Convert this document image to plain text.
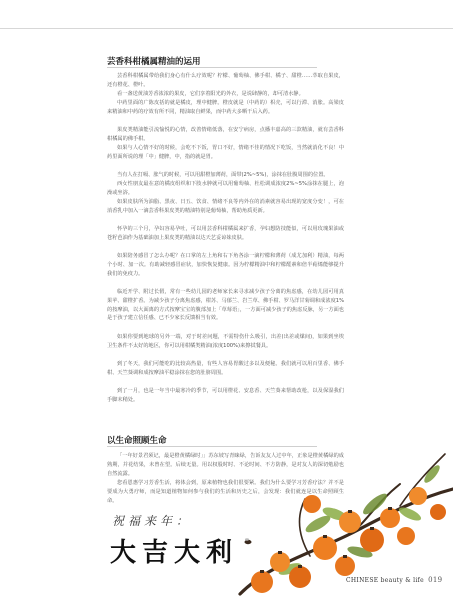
芸香科柑橘属精油的运用

芸香科柑橘属带给我们身心有什么疗效呢？柠檬、葡萄柚、佛手柑、橘子、甜橙……萃取自果皮，还有橙花、橙叶。

看一盏送黄油芳香浓浓的果皮，它们享着阳光的外衣，是说肆静的，却可清水静。

中药里面的广陈皮括的就是橘皮，理中健脾。橙皮就是（中药的）枳壳，可以行滞、消胀。高梁皮来精油和中药的疗效有所不同，精油取自鲜果，而中药大多晒干后入药。

果皮类精油能引流愉悦的心情，改善情绪低落，在安宁病房，点播丰嘉高的三款精油，就有芸香科柑橘属的佛手柑。

如果与人心情不好的时候，会吃不下饭，胃口不好，情绪不佳的情况下吃饭，当然就消化不良！中药里面所说的理「中」健脾，中，指的就是胃。

当有人在打嗝、胀气的时候，可以用甜橙加薄荷，面带(2%~5%)，涂抹在肚腹周围的位置。

西女性朋友最在意的橘皮组织和下肢水肿就可以用葡萄柚、杜松调成浓度2%~5%涂抹在腿上，泡澡或坐浴。

如果皮肤所为油脂、黑夜、日五、饮食、情绪不良等内外在的消素就容易出现的宽度分变！，可在消香乳中加入一滴芸香科果皮类的精油特别是葡萄柚，帮助角质更新。

怀孕的三个月，孕妇容易孕吐，可以用芸香科柑橘属来扩香，孕妇想防技能似，可以用玫瑰果油或苍籽芭油作为基础油加上果皮类的精油以达天艺妥谅妹皮肤。

如果陪务感冒了怎么办呢？在口掌的左上角和右下角各涂一滴柠檬和薄荷（成尤加利）精油，每两个小时、加一次。有助减轻感冒症状，加快恢复健康。因为柠檬精油中和柠檬醛素和倍半萜烯能够提升我们的免疫力。

临近开学、附过长假，常有一些幼儿园的老师家长来寻求减少孩子分离的焦虑感，在幼儿园可用真果苹、甜橙扩香。为减少孩子分离焦虑感，柑苏、马郁兰、岩兰草、佛手柑、罗马洋甘菊调和成浓度1%的按摩油，以大面离的方式按摩宝宝的腹部加上「草莓语」，一方面可减少孩子的焦虑反脉，另一方面也是于孩子建立信任感、已不少家长反馈相当有效。

如果你要到地球的另外一端，对于时差问题，不需特伤什么吸引，出差(出差或煤间)，如果到坐埃卫生条件不太好的地区，你可以用柑橘类精油(浓度100%)来擦拭餐具。

到了冬天，我们可能吃的比较高热量，有些人容易胃酸过多以及便秘。我们就可以用百里香、佛手柑、天竺葵调和成按摩油平稳涂抹在您的肚脐周围。

到了一月，也是一年当中最寒冷的季节，可以用橙花、安息香、天竺葵来帮助改枪，以及保湿我们手脚末稍处。

以生命照顾生命

「一年好景君须记，最是橙黄橘绿时」」苏东坡写青睐绿，告诉友友人过中年，正象是橙黄橘绿的成熟期，并花结果，未曾在望。后续无量。用以权股时时、不论时间、不方防静，是对友人的深切勉励也自然流露。

您看恩惠学习芳香生活，将体会到，原来植物也我们很要紧。我们为什么要学习芳香疗法？并不是要成为大勇疗师，而是知道植物如何参与我们的生活和历史之后，会发现：我们就连是以生命照顾生命。

祝福来年：
大吉大利
CHINESE beauty & life 019
